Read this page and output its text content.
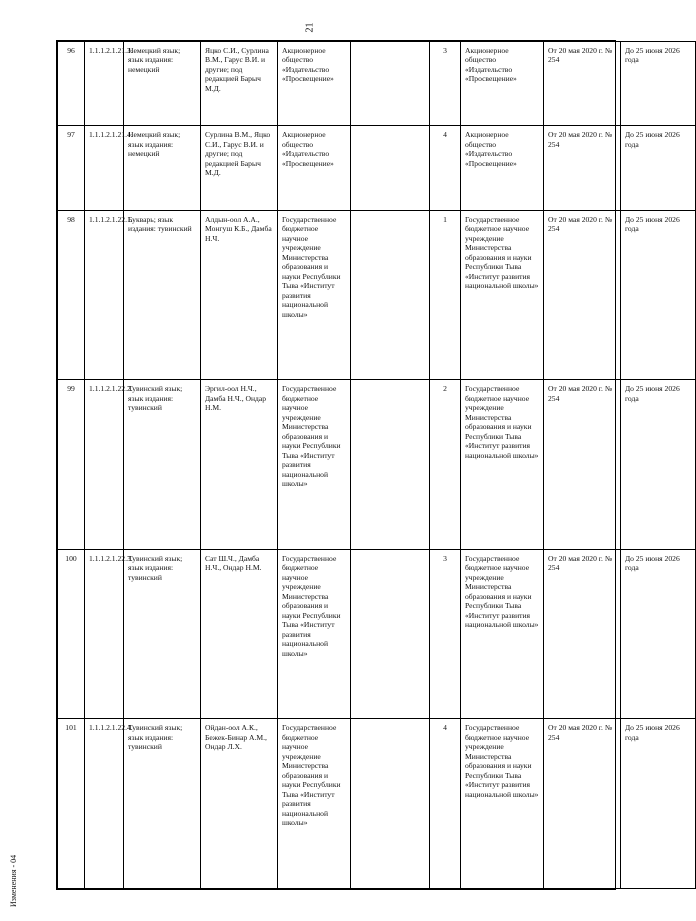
21
96	1.1.1.2.1.21.3.	Немецкий язык; язык издания: немецкий	Яцко С.И., Сурлина В.М., Гарус В.И. и другие; под редакцией Барыч М.Д.	Акционерное общество «Издательство «Просвещение»		3	Акционерное общество «Издательство «Просвещение»	От 20 мая 2020 г. № 254	До 25 июня 2026 года
97	1.1.1.2.1.21.4.	Немецкий язык; язык издания: немецкий	Сурлина В.М., Яцко С.И., Гарус В.И. и другие; под редакцией Барыч М.Д.	Акционерное общество «Издательство «Просвещение»		4	Акционерное общество «Издательство «Просвещение»	От 20 мая 2020 г. № 254	До 25 июня 2026 года
98	1.1.1.2.1.22.1.	Букварь; язык издания: тувинский	Алдын-оол А.А., Монгуш К.Б., Дамба Н.Ч.	Государственное бюджетное научное учреждение Министерства образования и науки Республики Тыва «Институт развития национальной школы»		1	Государственное бюджетное научное учреждение Министерства образования и науки Республики Тыва «Институт развития национальной школы»	От 20 мая 2020 г. № 254	До 25 июня 2026 года
99	1.1.1.2.1.22.2.	Тувинский язык; язык издания: тувинский	Эргил-оол Н.Ч., Дамба Н.Ч., Ондар Н.М.	Государственное бюджетное научное учреждение Министерства образования и науки Республики Тыва «Институт развития национальной школы»		2	Государственное бюджетное научное учреждение Министерства образования и науки Республики Тыва «Институт развития национальной школы»	От 20 мая 2020 г. № 254	До 25 июня 2026 года
100	1.1.1.2.1.22.3.	Тувинский язык; язык издания: тувинский	Сат Ш.Ч., Дамба Н.Ч., Ондар Н.М.	Государственное бюджетное научное учреждение Министерства образования и науки Республики Тыва «Институт развития национальной школы»		3	Государственное бюджетное научное учреждение Министерства образования и науки Республики Тыва «Институт развития национальной школы»	От 20 мая 2020 г. № 254	До 25 июня 2026 года
101	1.1.1.2.1.22.4.	Тувинский язык; язык издания: тувинский	Ойдан-оол А.К., Бежек-Бинар А.М., Ондар Л.Х.	Государственное бюджетное научное учреждение Министерства образования и науки Республики Тыва «Институт развития национальной школы»		4	Государственное бюджетное научное учреждение Министерства образования и науки Республики Тыва «Институт развития национальной школы»	От 20 мая 2020 г. № 254	До 25 июня 2026 года
Изменения - 04
